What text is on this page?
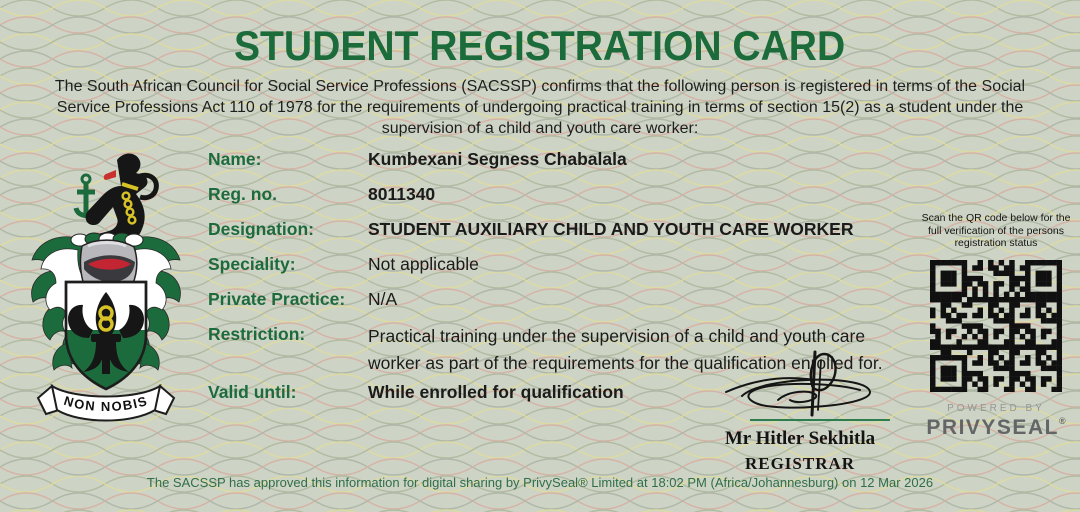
STUDENT REGISTRATION CARD

The South African Council for Social Service Professions (SACSSP) confirms that the following person is registered in terms of the Social Service Professions Act 110 of 1978 for the requirements of undergoing practical training in terms of section 15(2) as a student under the supervision of a child and youth care worker:

NON NOBIS
Name:	Kumbexani Segness Chabalala
Reg. no.	8011340
Designation:	STUDENT AUXILIARY CHILD AND YOUTH CARE WORKER
Speciality:	Not applicable
Private Practice:	N/A
Restriction:	Practical training under the supervision of a child and youth care worker as part of the requirements for the qualification enrolled for.
Valid until:	While enrolled for qualification
Scan the QR code below for the full verification of the persons registration status
POWERED BY
PRIVYSEAL®
Mr Hitler Sekhitla
REGISTRAR
The SACSSP has approved this information for digital sharing by PrivySeal® Limited at 18:02 PM (Africa/Johannesburg) on 12 Mar 2026
